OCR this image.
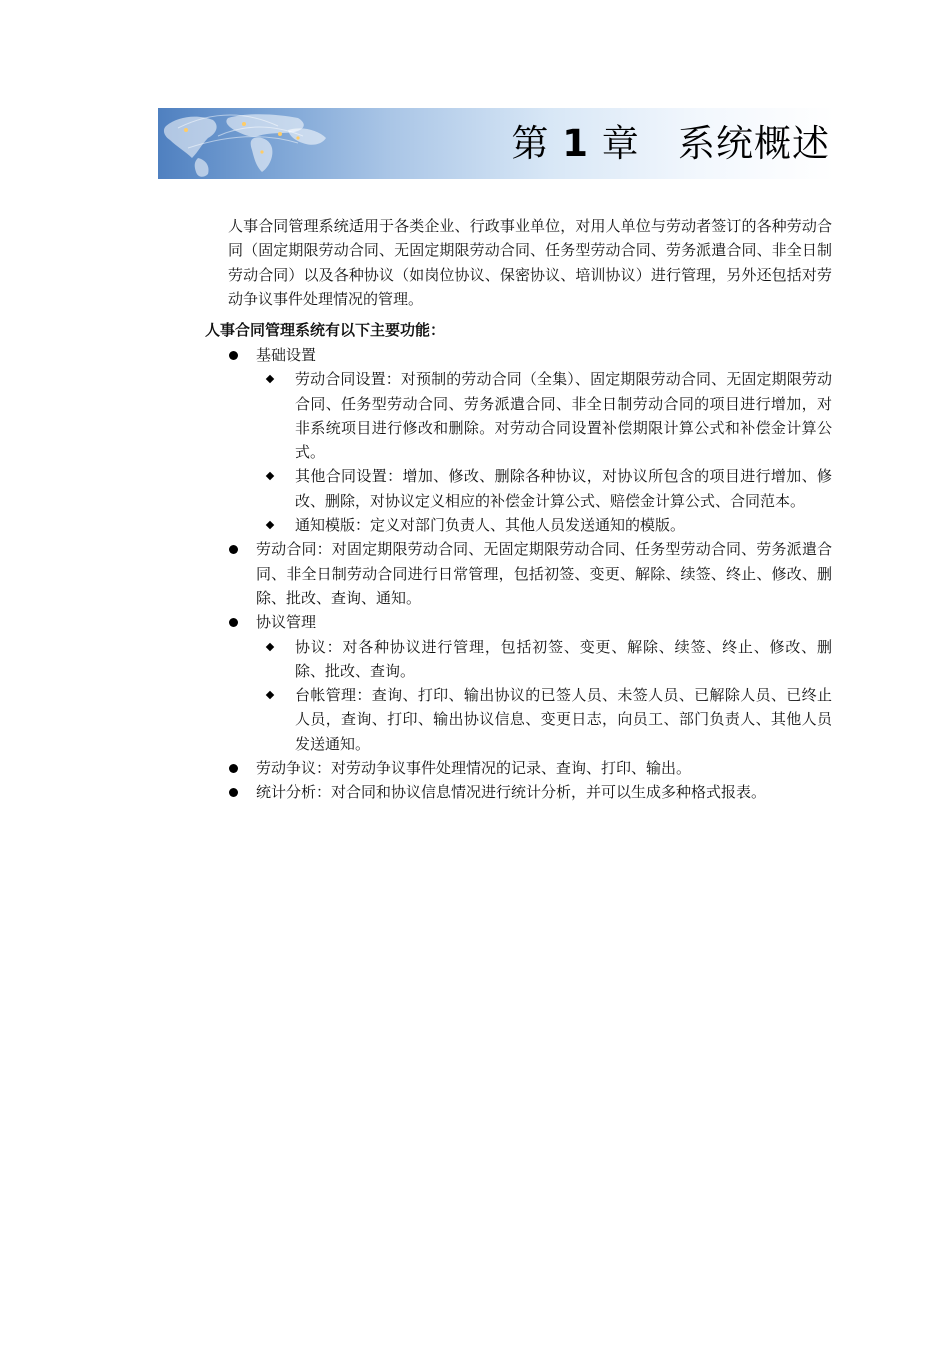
第 1 章 系统概述

人事合同管理系统适用于各类企业、行政事业单位，对用人单位与劳动者签订的各种劳动合同（固定期限劳动合同、无固定期限劳动合同、任务型劳动合同、劳务派遣合同、非全日制劳动合同）以及各种协议（如岗位协议、保密协议、培训协议）进行管理，另外还包括对劳动争议事件处理情况的管理。

人事合同管理系统有以下主要功能：
基础设置
劳动合同设置：对预制的劳动合同（全集）、固定期限劳动合同、无固定期限劳动合同、任务型劳动合同、劳务派遣合同、非全日制劳动合同的项目进行增加，对非系统项目进行修改和删除。对劳动合同设置补偿期限计算公式和补偿金计算公式。
其他合同设置：增加、修改、删除各种协议，对协议所包含的项目进行增加、修改、删除，对协议定义相应的补偿金计算公式、赔偿金计算公式、合同范本。
通知模版：定义对部门负责人、其他人员发送通知的模版。
劳动合同：对固定期限劳动合同、无固定期限劳动合同、任务型劳动合同、劳务派遣合同、非全日制劳动合同进行日常管理，包括初签、变更、解除、续签、终止、修改、删除、批改、查询、通知。
协议管理
协议：对各种协议进行管理，包括初签、变更、解除、续签、终止、修改、删除、批改、查询。
台帐管理：查询、打印、输出协议的已签人员、未签人员、已解除人员、已终止人员，查询、打印、输出协议信息、变更日志，向员工、部门负责人、其他人员发送通知。
劳动争议：对劳动争议事件处理情况的记录、查询、打印、输出。
统计分析：对合同和协议信息情况进行统计分析，并可以生成多种格式报表。
